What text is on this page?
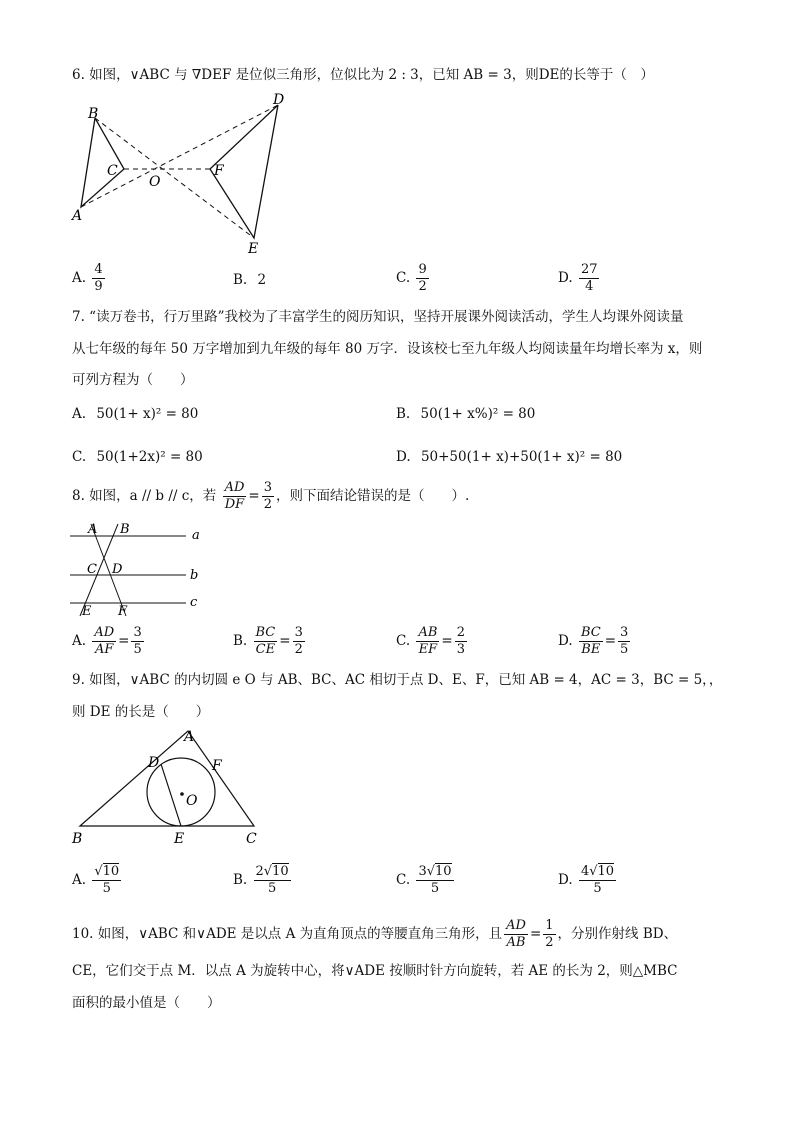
6. 如图，∨ABC 与 ∇DEF 是位似三角形，位似比为 2 : 3，已知 AB = 3，则DE的长等于（　）
B
D
C
O
F
A
E
A. $\frac{4}{9}$	B. 2	C. $\frac{9}{2}$	D. $\frac{27}{4}$
7. “读万卷书，行万里路”我校为了丰富学生的阅历知识，坚持开展课外阅读活动，学生人均课外阅读量
从七年级的每年 50 万字增加到九年级的每年 80 万字．设该校七至九年级人均阅读量年均增长率为 x，则
可列方程为（　　）
A. 50(1+ x)² = 80	B. 50(1+ x%)² = 80
C. 50(1+2x)² = 80	D. 50+50(1+ x)+50(1+ x)² = 80
8. 如图，a // b // c，若 $\frac{AD}{DF} = \frac{3}{2}$ ，则下面结论错误的是（　　）.
A B	a
C D	b
E F
c
A. $\frac{AD}{AF} = \frac{3}{5}$	B. $\frac{BC}{CE} = \frac{3}{2}$	C. $\frac{AB}{EF} = \frac{2}{3}$	D. $\frac{BC}{BE} = \frac{3}{5}$
9. 如图，∨ABC 的内切圆 e O 与 AB、BC、AC 相切于点 D、E、F，已知 AB = 4，AC = 3，BC = 5，，
则 DE 的长是（　　）
A
D	F
O
B	E	C
A. $\frac{√10}{5}$	B. $\frac{2√10}{5}$	C. $\frac{3√10}{5}$	D. $\frac{4√10}{5}$
10. 如图，∨ABC 和∨ADE 是以点 A 为直角顶点的等腰直角三角形，且 $\frac{AD}{AB} = \frac{1}{2}$ ，分别作射线 BD、
CE，它们交于点 M．以点 A 为旋转中心，将∨ADE 按顺时针方向旋转，若 AE 的长为 2，则△MBC
面积的最小值是（　　）
